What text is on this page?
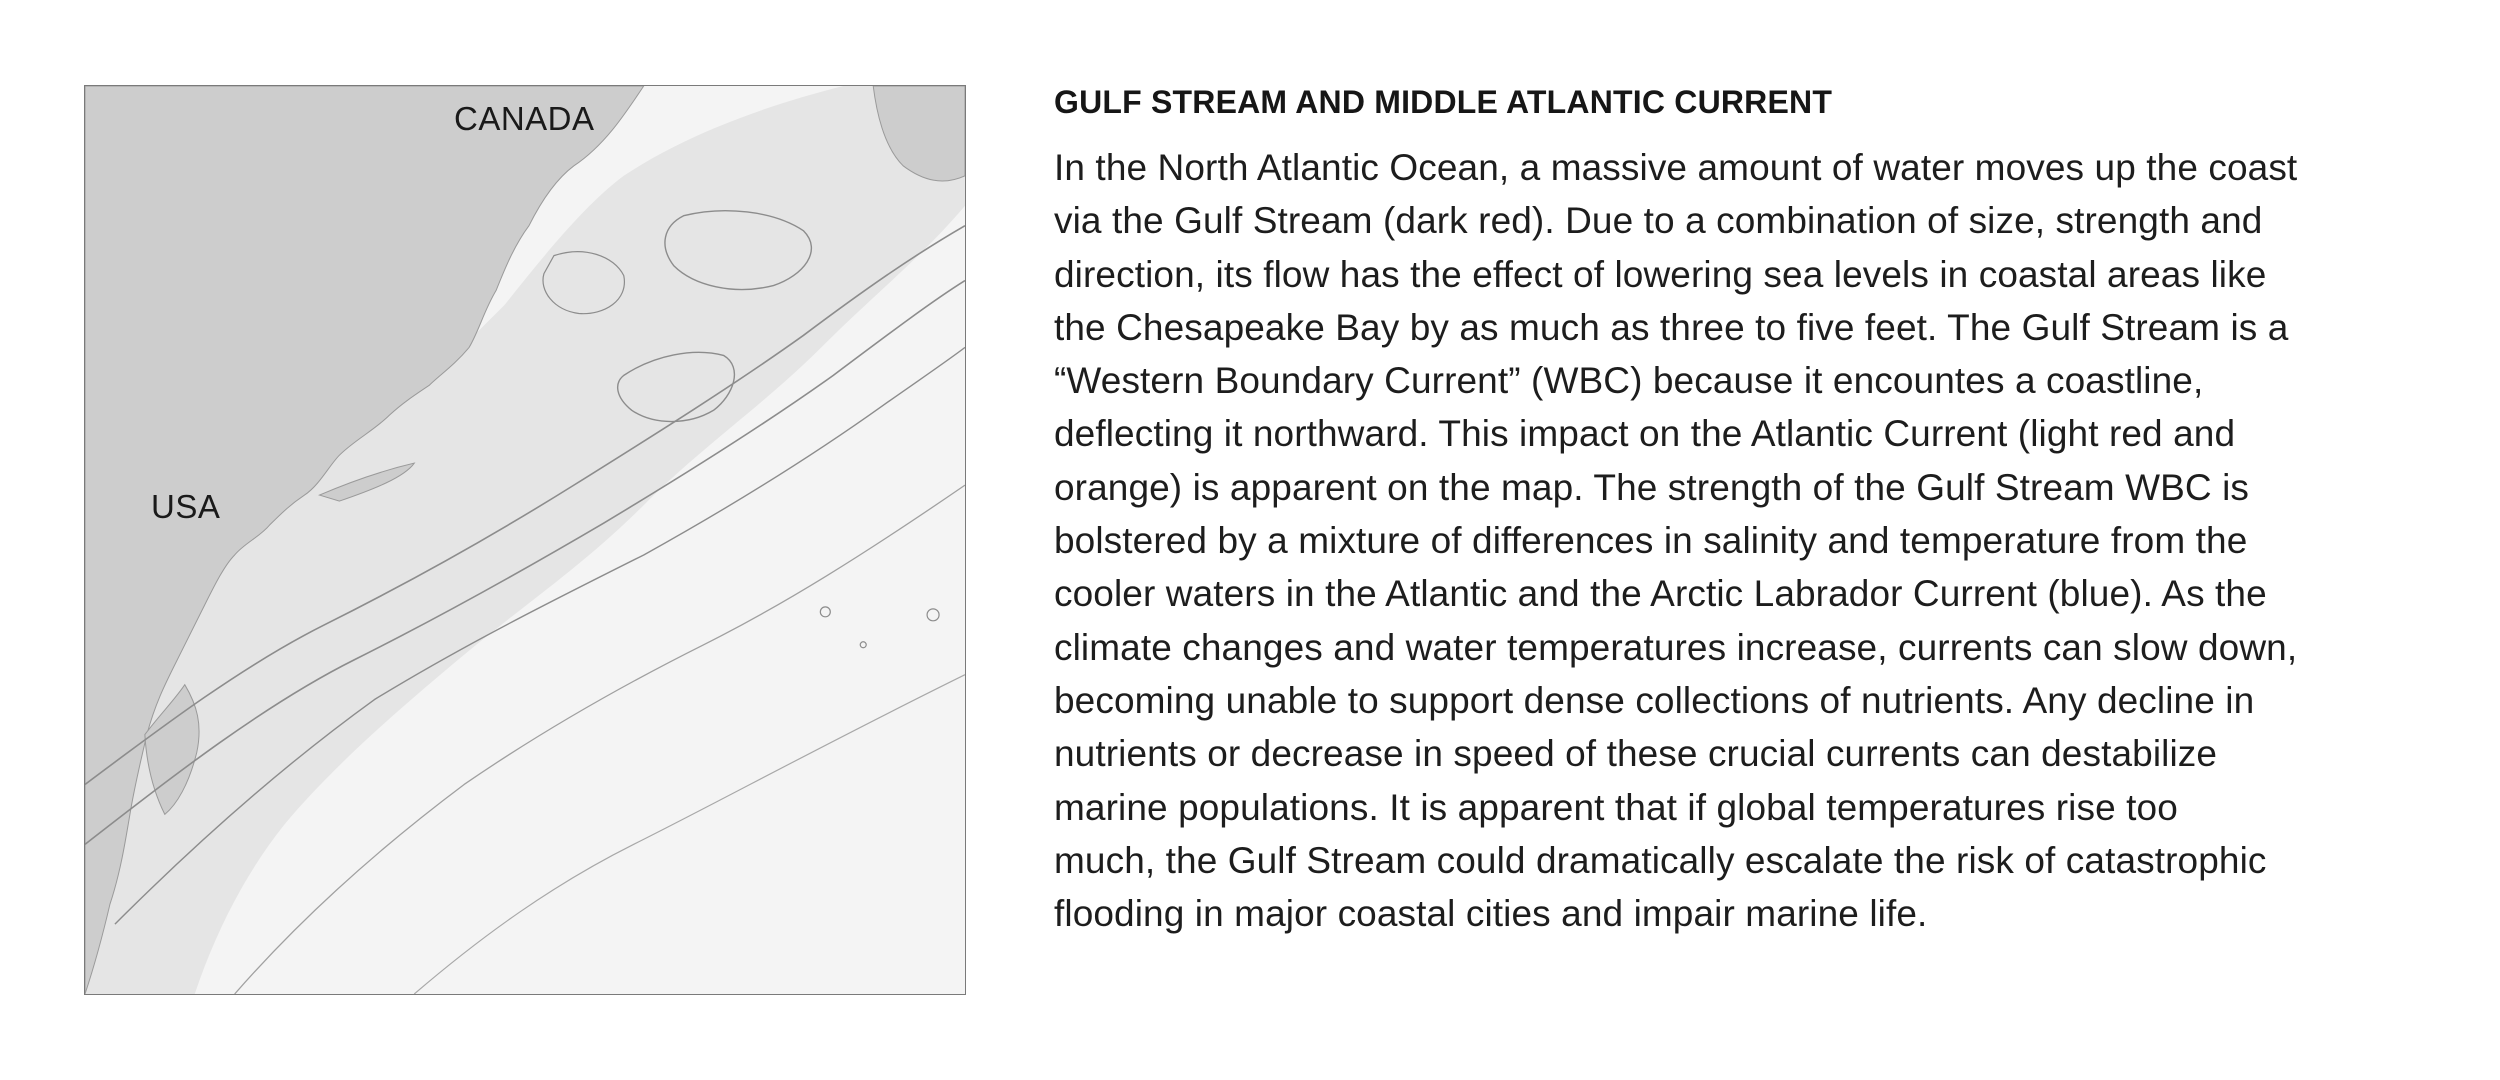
CANADA
USA
GULF STREAM AND MIDDLE ATLANTIC CURRENT

In the North Atlantic Ocean, a massive amount of water moves up the coast
via the Gulf Stream (dark red). Due to a combination of size, strength and
direction, its flow has the effect of lowering sea levels in coastal areas like
the Chesapeake Bay by as much as three to five feet. The Gulf Stream is a
“Western Boundary Current” (WBC) because it encountes a coastline,
deflecting it northward. This impact on the Atlantic Current (light red and
orange) is apparent on the map. The strength of the Gulf Stream WBC is
bolstered by a mixture of differences in salinity and temperature from the
cooler waters in the Atlantic and the Arctic Labrador Current (blue). As the
climate changes and water temperatures increase, currents can slow down,
becoming unable to support dense collections of nutrients. Any decline in
nutrients or decrease in speed of these crucial currents can destabilize
marine populations. It is apparent that if global temperatures rise too
much, the Gulf Stream could dramatically escalate the risk of catastrophic
flooding in major coastal cities and impair marine life.
